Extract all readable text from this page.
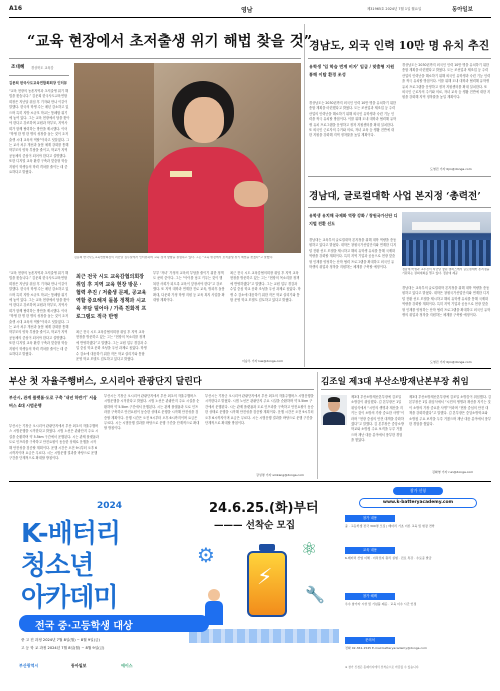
A16	영남	제31965호 2024년 7월 1일 월요일	동아일보
“교육 현장에서 초저출생 위기 해법 찾을 것”
조대혜 경상북도 교육감
김문희 한국사도교육연합회회장 인터뷰
“교육 현장의 농촌지역과 초저출생 위기 해법을 찾습니다.” 김문희 한국사도교육연합회장은 지난달 취임 후 기자와 만나 이같이 말했다. 한국의 학생 수는 매년 감소하고 있으며 특히 지방 소규모 학교는 통폐합 위기에 놓여 있다. 그는 교육 현장에서 답을 찾아야 한다고 강조하며 교원과 학부모, 지역사회가 함께 협력하는 방안을 제시했다. 이어 “학생 한 명 한 명의 성장을 돕는 것이 초저출생 시대 교육의 역할”이라고 덧붙였다. 그는 교사 처우 개선과 돌봄 체계 강화를 통해 학부모의 양육 부담을 줄이고, 학교가 지역 공동체의 중심이 되어야 한다고 설명했다. 또한 디지털 교육 환경 구축과 맞춤형 학습 지원이 학생들의 학력 격차를 줄이는 데 중요하다고 밝혔다.
김문희 한국사도교육연합회장이 지난달 집무실에서 인터뷰하며 교육 정책 방향을 설명하고 있다. 그는 “교육 현장에서 초저출생 위기 해법을 찾겠다”고 말했다.
“교육 현장의 농촌지역과 초저출생 위기 해법을 찾습니다.” 김문희 한국사도교육연합회장은 지난달 취임 후 기자와 만나 이같이 말했다. 한국의 학생 수는 매년 감소하고 있으며 특히 지방 소규모 학교는 통폐합 위기에 놓여 있다. 그는 교육 현장에서 답을 찾아야 한다고 강조하며 교원과 학부모, 지역사회가 함께 협력하는 방안을 제시했다. 이어 “학생 한 명 한 명의 성장을 돕는 것이 초저출생 시대 교육의 역할”이라고 덧붙였다. 그는 교사 처우 개선과 돌봄 체계 강화를 통해 학부모의 양육 부담을 줄이고, 학교가 지역 공동체의 중심이 되어야 한다고 설명했다. 또한 디지털 교육 환경 구축과 맞춤형 학습 지원이 학생들의 학력 격차를 줄이는 데 중요하다고 밝혔다.
최근 전국 시도 교육감협의회장 취임 후 지역 교육 현장 방문 · 협력 추진 / 저출생 문제, 공교육 역할 중요해져 돌봄 정책과 시교육 부담 덜어야 / 가족 친화적 프로그램도 적극 반영
최근 전국 시도 교육감협의회장 취임 후 지역 교육 현장을 방문하고 있는 그는 “현장의 목소리를 정책에 반영하겠다”고 말했다. 그는 교원 업무 경감과 수업 중심 학교 문화 조성을 우선 과제로 꼽았다. 학생 수 감소에 대응하기 위한 작은 학교 살리기와 통합 운영 학교 모델도 검토하고 있다고 밝혔다.
부부 ‘자녀’ 가정의 교육비 부담을 줄이기 위한 정책도 준비 중이다. 그는 “아이를 낳고 키우는 것이 행복한 사회가 되도록 교육이 앞장서야 한다”고 강조했다. 또 지역 대학과 연계한 진로 교육, 방과후 돌봄 확대, 다문화 가정 학생 지원 등 교육 복지 사업을 확대할 계획이다.
최근 전국 시도 교육감협의회장 취임 후 지역 교육 현장을 방문하고 있는 그는 “현장의 목소리를 정책에 반영하겠다”고 말했다. 그는 교원 업무 경감과 수업 중심 학교 문화 조성을 우선 과제로 꼽았다. 학생 수 감소에 대응하기 위한 작은 학교 살리기와 통합 운영 학교 모델도 검토하고 있다고 밝혔다.
이승우 기자 lsw@donga.com
경남도, 외국 인력 10만 명 유치 추진
유학생 ‘입 학습 번계 비자’ 입급 / 맞춤형 지원 통해 이탈 환경 조성
경상남도는 2030년까지 외국인 인력 10만 명을 유치하기 위한 종합 계획을 마련했다고 밝혔다. 도는 조선업과 제조업 등 주력 산업의 인력난을 해소하기 위해 외국인 유학생과 숙련 기능 인력을 적극 유치할 방침이다. 이를 위해 도내 대학과 협력해 유학생 유치 프로그램을 운영하고 정착 지원센터를 확대 설치한다. 또 외국인 근로자의 주거와 의료, 자녀 교육 등 생활 전반에 대한 지원을 강화해 지역 정착률을 높일 계획이다.
경상남도는 2030년까지 외국인 인력 10만 명을 유치하기 위한 종합 계획을 마련했다고 밝혔다. 도는 조선업과 제조업 등 주력 산업의 인력난을 해소하기 위해 외국인 유학생과 숙련 기능 인력을 적극 유치할 방침이다. 이를 위해 도내 대학과 협력해 유학생 유치 프로그램을 운영하고 정착 지원센터를 확대 설치한다. 또 외국인 근로자의 주거와 의료, 자녀 교육 등 생활 전반에 대한 지원을 강화해 지역 정착률을 높일 계획이다.
도영진 기자 0jin@donga.com
경남대, 글로컬대학 사업 본지정 ‘총력전’
유학생 유치해 국제화 역량 강화 / 창원국가산단 디지털 전환 선도
경남대는 교육부의 글로컬대학 본지정을 위해 대학 역량을 총동원하고 있다고 밝혔다. 대학은 창원국가산업단지와 연계한 디지털 전환 선도 모델을 제시하고 해외 유학생 유치를 통해 국제화 역량을 강화할 계획이다. 특히 지역 기업과 공동으로 현장 맞춤형 인재를 양성하는 산학 협력 프로그램을 확대하고 외국인 유학생의 취업과 정착을 지원하는 체계를 구축할 예정이다.	경남대 학생과 교수진이 지난달 창원 캠퍼스에서 글로컬대학 본지정을 기원하는 결의대회를 열고 있다. 경남대 제공
경남대는 교육부의 글로컬대학 본지정을 위해 대학 역량을 총동원하고 있다고 밝혔다. 대학은 창원국가산업단지와 연계한 디지털 전환 선도 모델을 제시하고 해외 유학생 유치를 통해 국제화 역량을 강화할 계획이다. 특히 지역 기업과 공동으로 현장 맞춤형 인재를 양성하는 산학 협력 프로그램을 확대하고 외국인 유학생의 취업과 정착을 지원하는 체계를 구축할 예정이다.
도영진 기자 0jin@donga.com
부산 첫 자율주행버스, 오시리아 관광단지 달린다
부산시, 관계 플랫폼·도로 구축 ‘내년 하반기’ 서울버스 4대 시범운행
부산시는 기장군 오시리아 관광단지에서 부산 최초의 자율주행버스 시범운행을 시작한다고 밝혔다. 시범 노선은 관광단지 주요 시설을 순환하며 약 5.5km 구간에서 운행된다. 시는 관제 플랫폼과 도로 인프라를 구축하고 안전요원이 동승한 상태로 운행을 시작해 안전성을 검증할 계획이다. 운행 시간은 오전 9시부터 오후 6시까지이며 요금은 무료다. 시는 시범운행 결과를 바탕으로 운행 구간을 단계적으로 확대할 방침이다.
부산시는 기장군 오시리아 관광단지에서 부산 최초의 자율주행버스 시범운행을 시작한다고 밝혔다. 시범 노선은 관광단지 주요 시설을 순환하며 약 5.5km 구간에서 운행된다. 시는 관제 플랫폼과 도로 인프라를 구축하고 안전요원이 동승한 상태로 운행을 시작해 안전성을 검증할 계획이다. 운행 시간은 오전 9시부터 오후 6시까지이며 요금은 무료다. 시는 시범운행 결과를 바탕으로 운행 구간을 단계적으로 확대할 방침이다.
부산시는 기장군 오시리아 관광단지에서 부산 최초의 자율주행버스 시범운행을 시작한다고 밝혔다. 시범 노선은 관광단지 주요 시설을 순환하며 약 5.5km 구간에서 운행된다. 시는 관제 플랫폼과 도로 인프라를 구축하고 안전요원이 동승한 상태로 운행을 시작해 안전성을 검증할 계획이다. 운행 시간은 오전 9시부터 오후 6시까지이며 요금은 무료다. 시는 시범운행 결과를 바탕으로 운행 구간을 단계적으로 확대할 방침이다.
강성명 기자 smkang@donga.com
김조일 제3대 부산소방재난본부장 취임
제3대 부산소방재난본부장에 김조일 소방감이 취임했다. 김 본부장은 1일 취임식에서 “시민의 생명과 재산을 지키는 것이 소방의 가장 중요한 사명”이라며 “현장 중심의 안전 대책을 강화하겠다”고 말했다. 김 본부장은 중앙소방학교와 소방청 주요 보직을 두루 거쳤으며 재난 대응 분야에서 풍부한 경험을 쌓았다.
제3대 부산소방재난본부장에 김조일 소방감이 취임했다. 김 본부장은 1일 취임식에서 “시민의 생명과 재산을 지키는 것이 소방의 가장 중요한 사명”이라며 “현장 중심의 안전 대책을 강화하겠다”고 말했다. 김 본부장은 중앙소방학교와 소방청 주요 보직을 두루 거쳤으며 재난 대응 분야에서 풍부한 경험을 쌓았다.
김화영 기자 run@donga.com
2024
K-배터리
청소년
아카데미
24.6.25.(화)부터
——— 선착순 모집
⚡
⚙	⚛
🔧
전국 중·고등학생 대상
중 고 진 과정 2024년 7월 8일(월) ~ 8월 9일(금)
고 등 학 교 과정 2024년 7월 8일(월) ~ 8월 9일(금)
부산광역시	동아일보	에이스
참가 신청
www.k-batteryacademy.com
참가 내용
중 · 고등학생 전국 300명 모집 | 배터리 기초 이론 교육 및 현장 견학
교육 내용
K-배터리 산업 이해 · 이차전지 원리 실험 · 진로 특강 · 수료증 발급
참가 혜택
우수 참가자 시상 및 기념품 제공 · 교육 이수 시간 인정
문의처
전화 02-361-1545 E-mail batteryacademy@donga.com
※ 참가 신청은 홈페이지에서 선착순으로 마감될 수 있습니다.
